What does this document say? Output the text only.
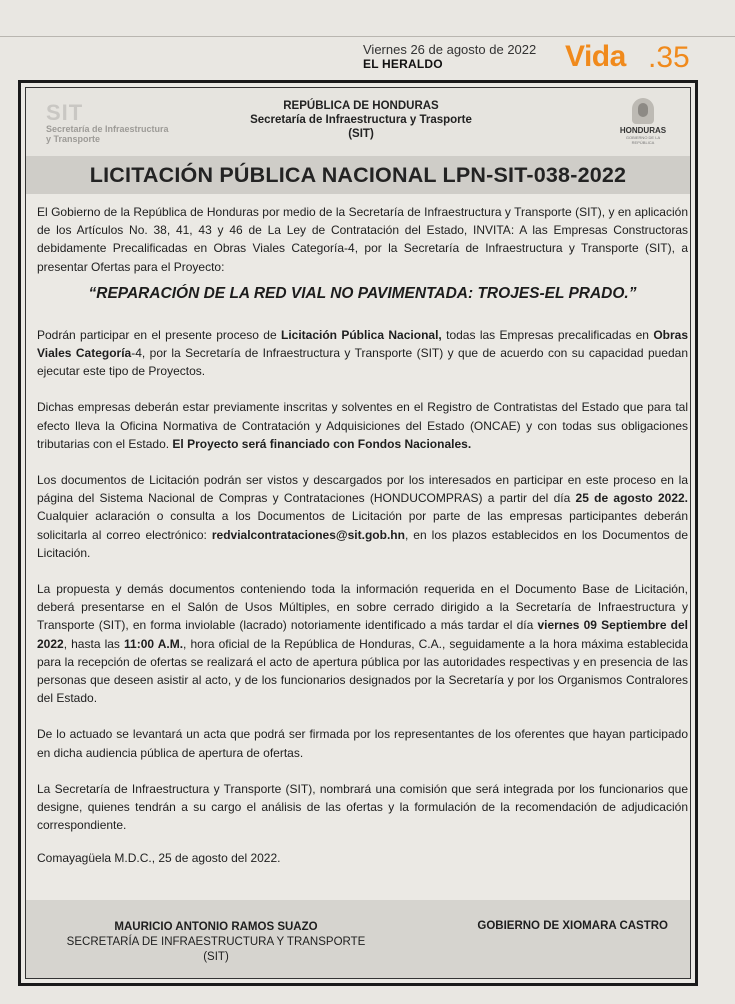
Viernes 26 de agosto de 2022
EL HERALDO	Vida .35
SIT
Secretaría de Infraestructura
y Transporte
REPÚBLICA DE HONDURAS
Secretaría de Infraestructura y Trasporte
(SIT)	HONDURAS
GOBIERNO DE LA REPÚBLICA
LICITACIÓN PÚBLICA NACIONAL LPN-SIT-038-2022

El Gobierno de la República de Honduras por medio de la Secretaría de Infraestructura y Transporte (SIT), y en aplicación de los Artículos No. 38, 41, 43 y 46 de La Ley de Contratación del Estado, INVITA: A las Empresas Constructoras debidamente Precalificadas en Obras Viales Categoría-4, por la Secretaría de Infraestructura y Transporte (SIT), a presentar Ofertas para el Proyecto:

“REPARACIÓN DE LA RED VIAL NO PAVIMENTADA: TROJES-EL PRADO.”

Podrán participar en el presente proceso de Licitación Pública Nacional, todas las Empresas precalificadas en Obras Viales Categoría-4, por la Secretaría de Infraestructura y Transporte (SIT) y que de acuerdo con su capacidad puedan ejecutar este tipo de Proyectos.

Dichas empresas deberán estar previamente inscritas y solventes en el Registro de Contratistas del Estado que para tal efecto lleva la Oficina Normativa de Contratación y Adquisiciones del Estado (ONCAE) y con todas sus obligaciones tributarias con el Estado. El Proyecto será financiado con Fondos Nacionales.

Los documentos de Licitación podrán ser vistos y descargados por los interesados en participar en este proceso en la página del Sistema Nacional de Compras y Contrataciones (HONDUCOMPRAS) a partir del día 25 de agosto 2022. Cualquier aclaración o consulta a los Documentos de Licitación por parte de las empresas participantes deberán solicitarla al correo electrónico: redvialcontrataciones@sit.gob.hn, en los plazos establecidos en los Documentos de Licitación.

La propuesta y demás documentos conteniendo toda la información requerida en el Documento Base de Licitación, deberá presentarse en el Salón de Usos Múltiples, en sobre cerrado dirigido a la Secretaría de Infraestructura y Transporte (SIT), en forma inviolable (lacrado) notoriamente identificado a más tardar el día viernes 09 Septiembre del 2022, hasta las 11:00 A.M., hora oficial de la República de Honduras, C.A., seguidamente a la hora máxima establecida para la recepción de ofertas se realizará el acto de apertura pública por las autoridades respectivas y en presencia de las personas que deseen asistir al acto, y de los funcionarios designados por la Secretaría y por los Organismos Contralores del Estado.

De lo actuado se levantará un acta que podrá ser firmada por los representantes de los oferentes que hayan participado en dicha audiencia pública de apertura de ofertas.

La Secretaría de Infraestructura y Transporte (SIT), nombrará una comisión que será integrada por los funcionarios que designe, quienes tendrán a su cargo el análisis de las ofertas y la formulación de la recomendación de adjudicación correspondiente.

Comayagüela M.D.C., 25 de agosto del 2022.
MAURICIO ANTONIO RAMOS SUAZO
SECRETARÍA DE INFRAESTRUCTURA Y TRANSPORTE
(SIT)
GOBIERNO DE XIOMARA CASTRO
